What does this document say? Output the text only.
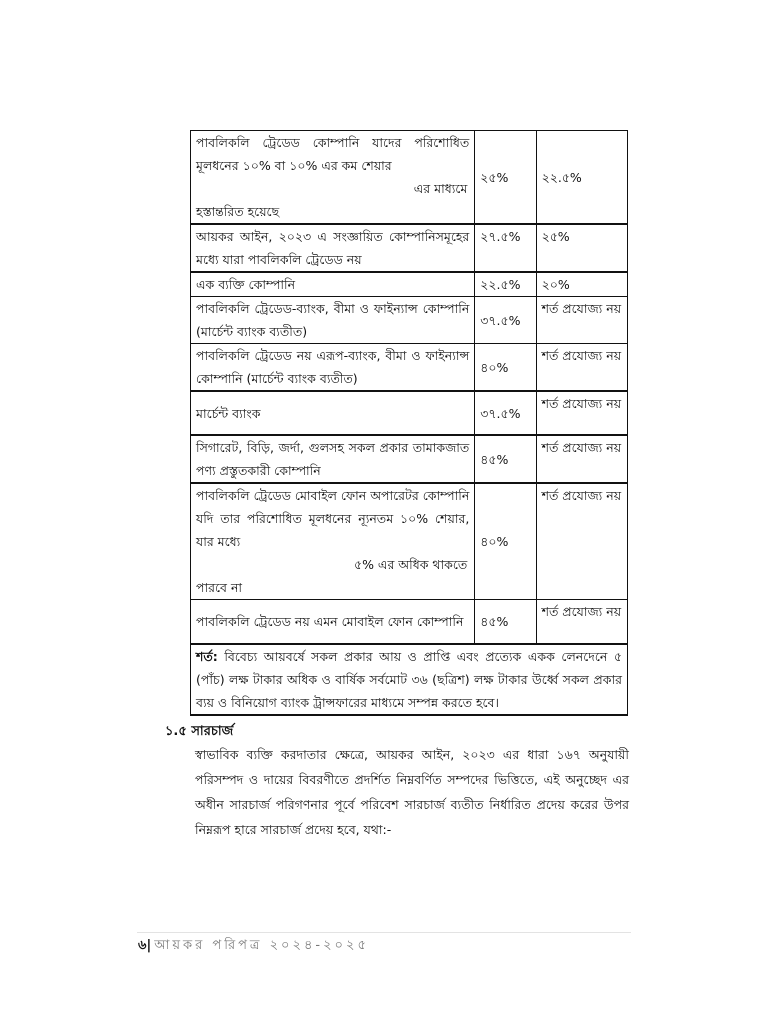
পাবলিকলি ট্রেডেড কোম্পানি যাদের পরিশোধিত মূলধনের ১০% বা ১০% এর কম শেয়ার
এর মাধ্যমে
হস্তান্তরিত হয়েছে	২৫%	২২.৫%
আয়কর আইন, ২০২৩ এ সংজ্ঞায়িত কোম্পানিসমূহের মধ্যে যারা পাবলিকলি ট্রেডেড নয়	২৭.৫%	২৫%
এক ব্যক্তি কোম্পানি	২২.৫%	২০%
পাবলিকলি ট্রেডেড-ব্যাংক, বীমা ও ফাইন্যান্স কোম্পানি (মার্চেন্ট ব্যাংক ব্যতীত)	৩৭.৫%	শর্ত প্রযোজ্য নয়
পাবলিকলি ট্রেডেড নয় এরূপ-ব্যাংক, বীমা ও ফাইন্যান্স কোম্পানি (মার্চেন্ট ব্যাংক ব্যতীত)	৪০%	শর্ত প্রযোজ্য নয়
মার্চেন্ট ব্যাংক	৩৭.৫%	শর্ত প্রযোজ্য নয়
সিগারেট, বিড়ি, জর্দা, গুলসহ সকল প্রকার তামাকজাত পণ্য প্রস্তুতকারী কোম্পানি	৪৫%	শর্ত প্রযোজ্য নয়
পাবলিকলি ট্রেডেড মোবাইল ফোন অপারেটর কোম্পানি যদি তার পরিশোধিত মূলধনের ন্যূনতম ১০% শেয়ার, যার মধ্যে
৫% এর অধিক থাকতে
পারবে না	৪০%	শর্ত প্রযোজ্য নয়
পাবলিকলি ট্রেডেড নয় এমন মোবাইল ফোন কোম্পানি	৪৫%	শর্ত প্রযোজ্য নয়
শর্ত: বিবেচ্য আয়বর্ষে সকল প্রকার আয় ও প্রাপ্তি এবং প্রত্যেক একক লেনদেনে ৫ (পাঁচ) লক্ষ টাকার অধিক ও বার্ষিক সর্বমোট ৩৬ (ছত্রিশ) লক্ষ টাকার উর্ধ্বে সকল প্রকার ব্যয় ও বিনিয়োগ ব্যাংক ট্রান্সফারের মাধ্যমে সম্পন্ন করতে হবে।		
১.৫ সারচার্জ
স্বাভাবিক ব্যক্তি করদাতার ক্ষেত্রে, আয়কর আইন, ২০২৩ এর ধারা ১৬৭ অনুযায়ী পরিসম্পদ ও দায়ের বিবরণীতে প্রদর্শিত নিম্নবর্ণিত সম্পদের ভিত্তিতে, এই অনুচ্ছেদ এর অধীন সারচার্জ পরিগণনার পূর্বে পরিবেশ সারচার্জ ব্যতীত নির্ধারিত প্রদেয় করের উপর নিম্নরূপ হারে সারচার্জ প্রদেয় হবে, যথা:-
৬| আয়কর পরিপত্র ২০২৪-২০২৫
